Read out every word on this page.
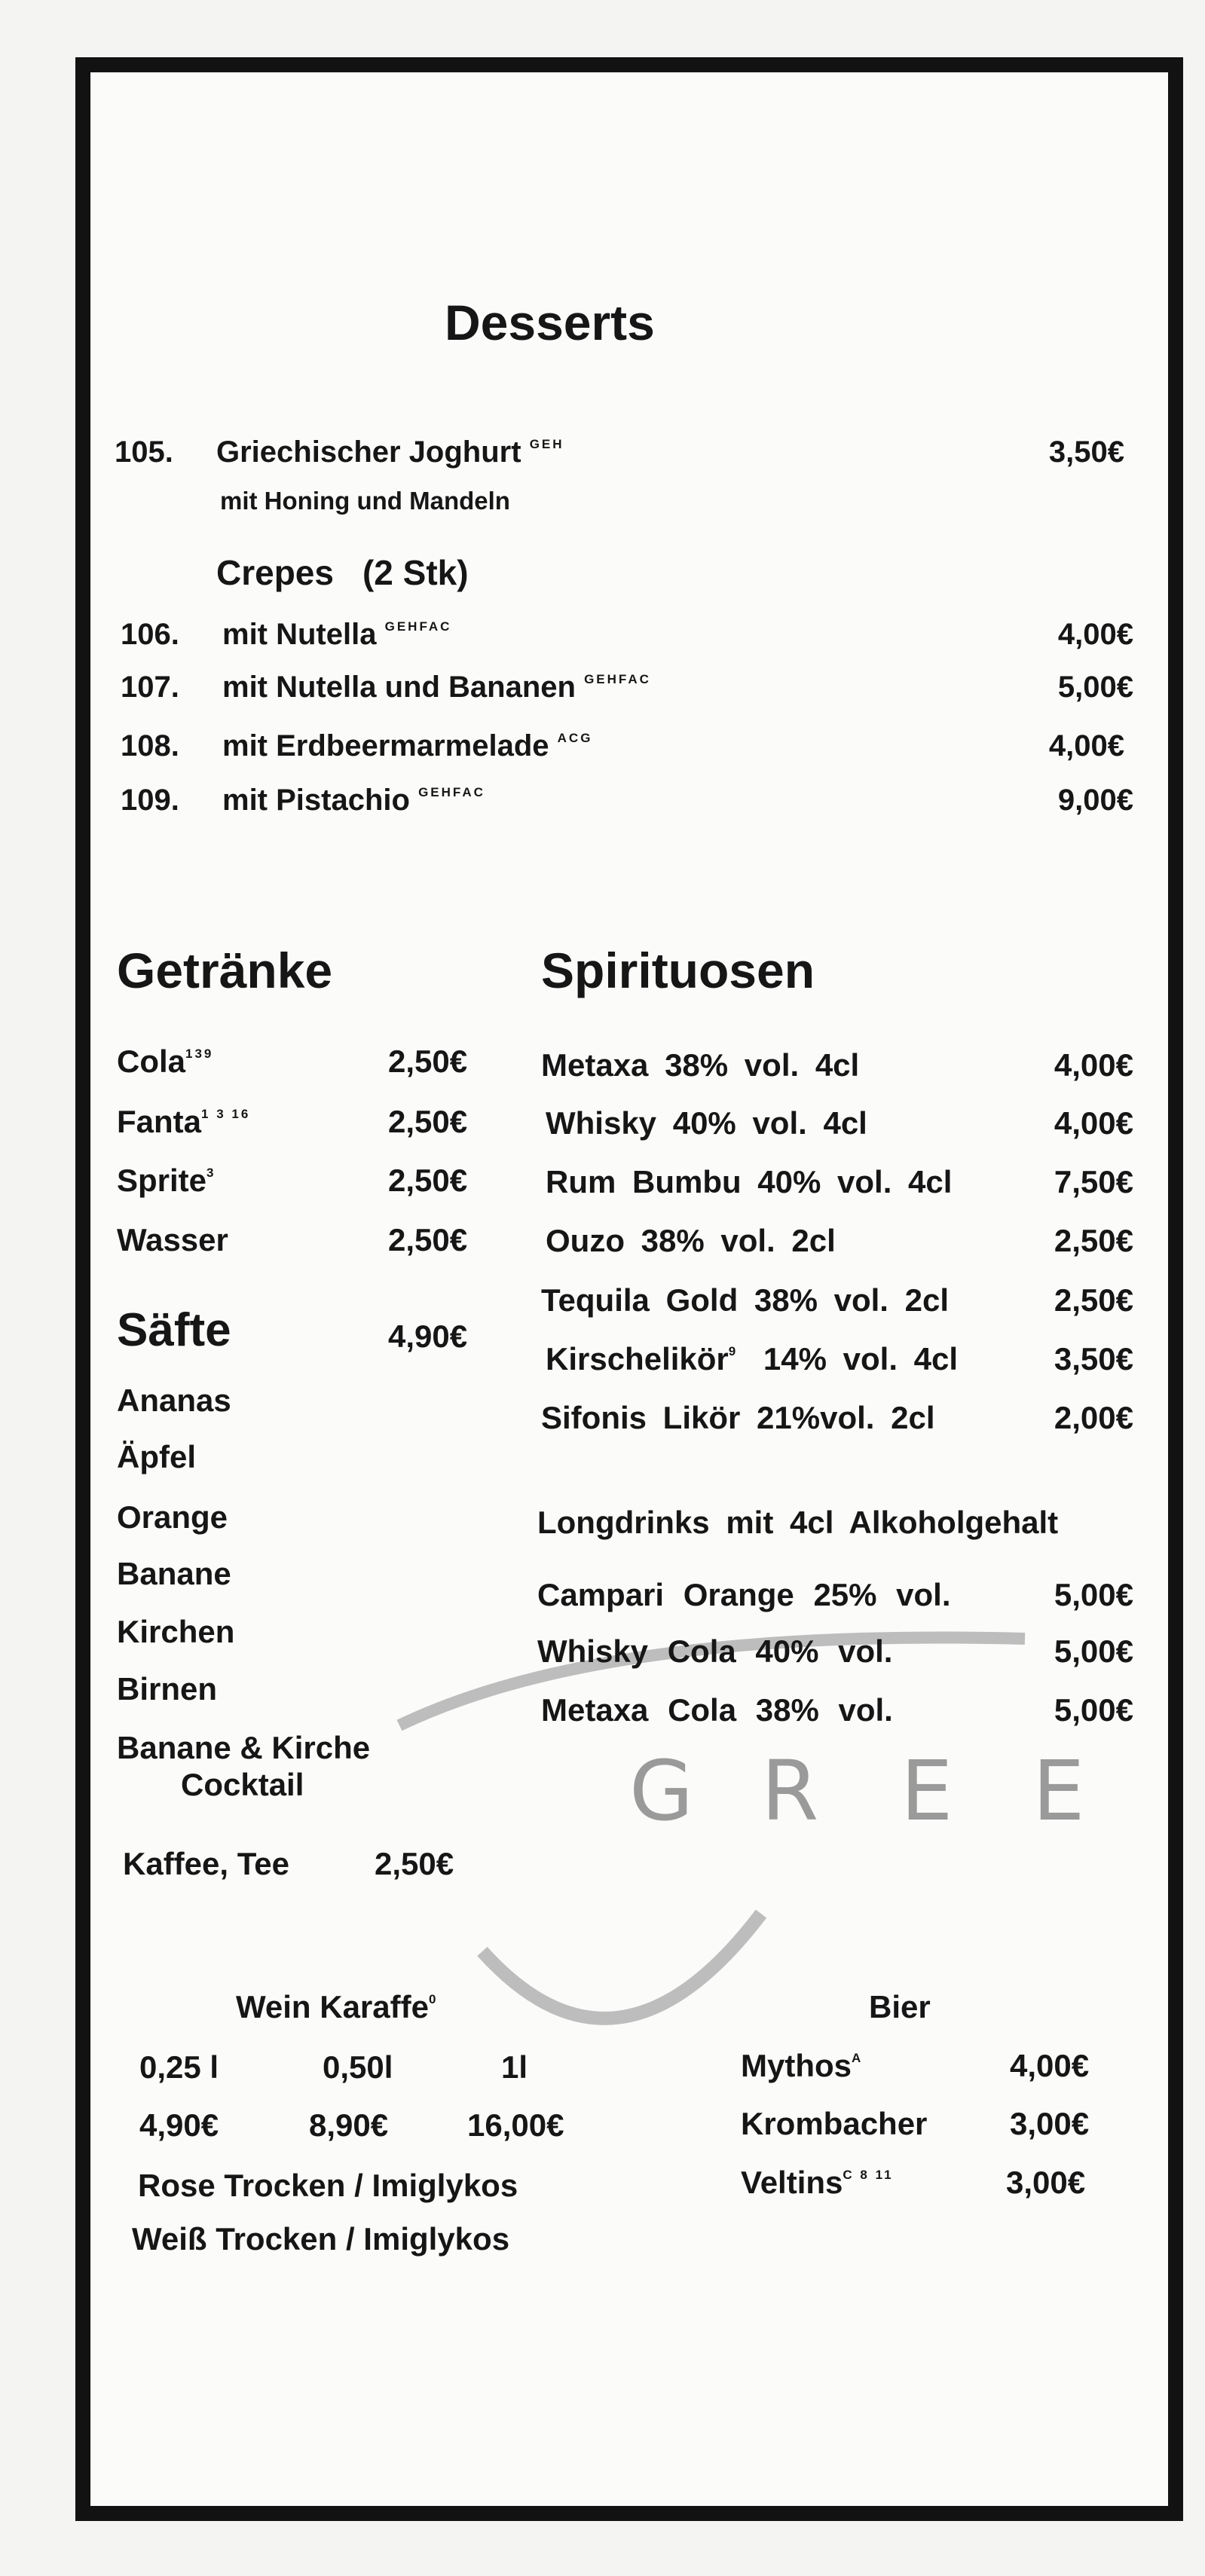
G R E E
Desserts
105. Griechischer Joghurt $^{GEH}$
mit Honing und Mandeln
3,50€
Crepes (2 Stk)
106. mit Nutella $^{GEHFAC}$	4,00€
107. mit Nutella und Bananen $^{GEHFAC}$	5,00€
108. mit Erdbeermarmelade $^{ACG}$	4,00€
109. mit Pistachio $^{GEHFAC}$	9,00€
Getränke
Cola$^{139}$	2,50€
Fanta$^{1 3 16}$	2,50€
Sprite$^3$	2,50€
Wasser	2,50€
Säfte	4,90€
Ananas
Äpfel
Orange
Banane
Kirchen
Birnen
Banane & Kirche
Cocktail
Kaffee, Tee	2,50€
Spirituosen
Metaxa 38% vol. 4cl	4,00€
Whisky 40% vol. 4cl	4,00€
Rum Bumbu 40% vol. 4cl	7,50€
Ouzo 38% vol. 2cl	2,50€
Tequila Gold 38% vol. 2cl	2,50€
Kirschelikör$^9$ 14% vol. 4cl	3,50€
Sifonis Likör 21%vol. 2cl	2,00€
Longdrinks mit 4cl Alkoholgehalt
Campari Orange 25% vol.	5,00€
Whisky Cola 40% vol.	5,00€
Metaxa Cola 38% vol.	5,00€
Wein Karaffe$^0$
0,25 l	0,50l	1l
4,90€	8,90€ 16,00€
Rose Trocken / Imiglykos
Weiß Trocken / Imiglykos
Bier
Mythos$^A$	4,00€
Krombacher	3,00€
Veltins$^{C 8 11}$	3,00€
